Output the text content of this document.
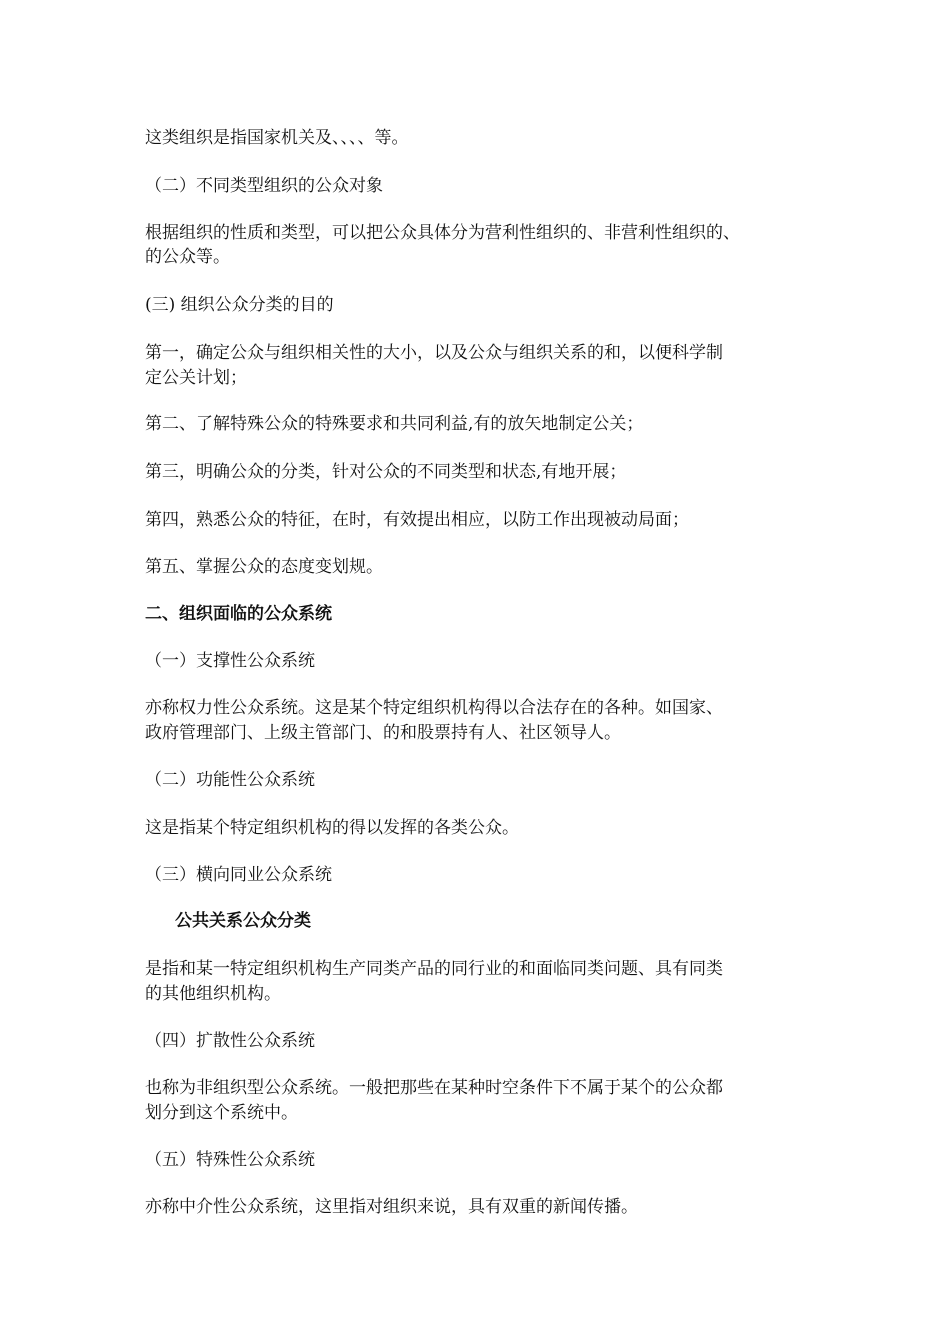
这类组织是指国家机关及、、、、等。

（二）不同类型组织的公众对象

根据组织的性质和类型，可以把公众具体分为营利性组织的、非营利性组织的、

的公众等。

(三) 组织公众分类的目的

第一，确定公众与组织相关性的大小，以及公众与组织关系的和，以便科学制

定公关计划；

第二、了解特殊公众的特殊要求和共同利益,有的放矢地制定公关；

第三，明确公众的分类，针对公众的不同类型和状态,有地开展；

第四，熟悉公众的特征，在时，有效提出相应，以防工作出现被动局面；

第五、掌握公众的态度变划规。

二、组织面临的公众系统

（一）支撑性公众系统

亦称权力性公众系统。这是某个特定组织机构得以合法存在的各种。如国家、

政府管理部门、上级主管部门、的和股票持有人、社区领导人。

（二）功能性公众系统

这是指某个特定组织机构的得以发挥的各类公众。

（三）横向同业公众系统

公共关系公众分类

是指和某一特定组织机构生产同类产品的同行业的和面临同类问题、具有同类

的其他组织机构。

（四）扩散性公众系统

也称为非组织型公众系统。一般把那些在某种时空条件下不属于某个的公众都

划分到这个系统中。

（五）特殊性公众系统

亦称中介性公众系统，这里指对组织来说，具有双重的新闻传播。
